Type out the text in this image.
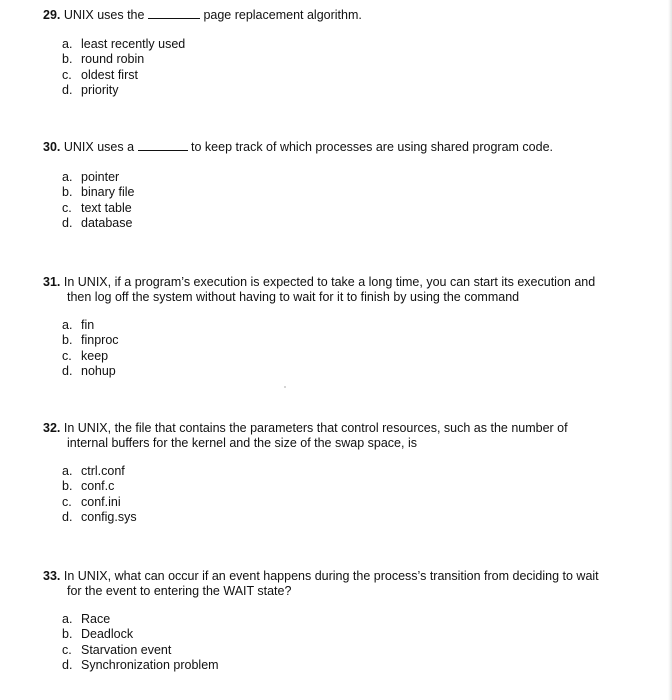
29. UNIX uses the	page replacement algorithm.
a. least recently used
b. round robin
c. oldest first
d. priority
30. UNIX uses a	to keep track of which processes are using shared program code.
a. pointer
b. binary file
c. text table
d. database
31. In UNIX, if a program’s execution is expected to take a long time, you can start its execution and
then log off the system without having to wait for it to finish by using the command
a. fin
b. finproc
c. keep
d. nohup
32. In UNIX, the file that contains the parameters that control resources, such as the number of
internal buffers for the kernel and the size of the swap space, is
a. ctrl.conf
b. conf.c
c. conf.ini
d. config.sys
33. In UNIX, what can occur if an event happens during the process’s transition from deciding to wait
for the event to entering the WAIT state?
a. Race
b. Deadlock
c. Starvation event
d. Synchronization problem
